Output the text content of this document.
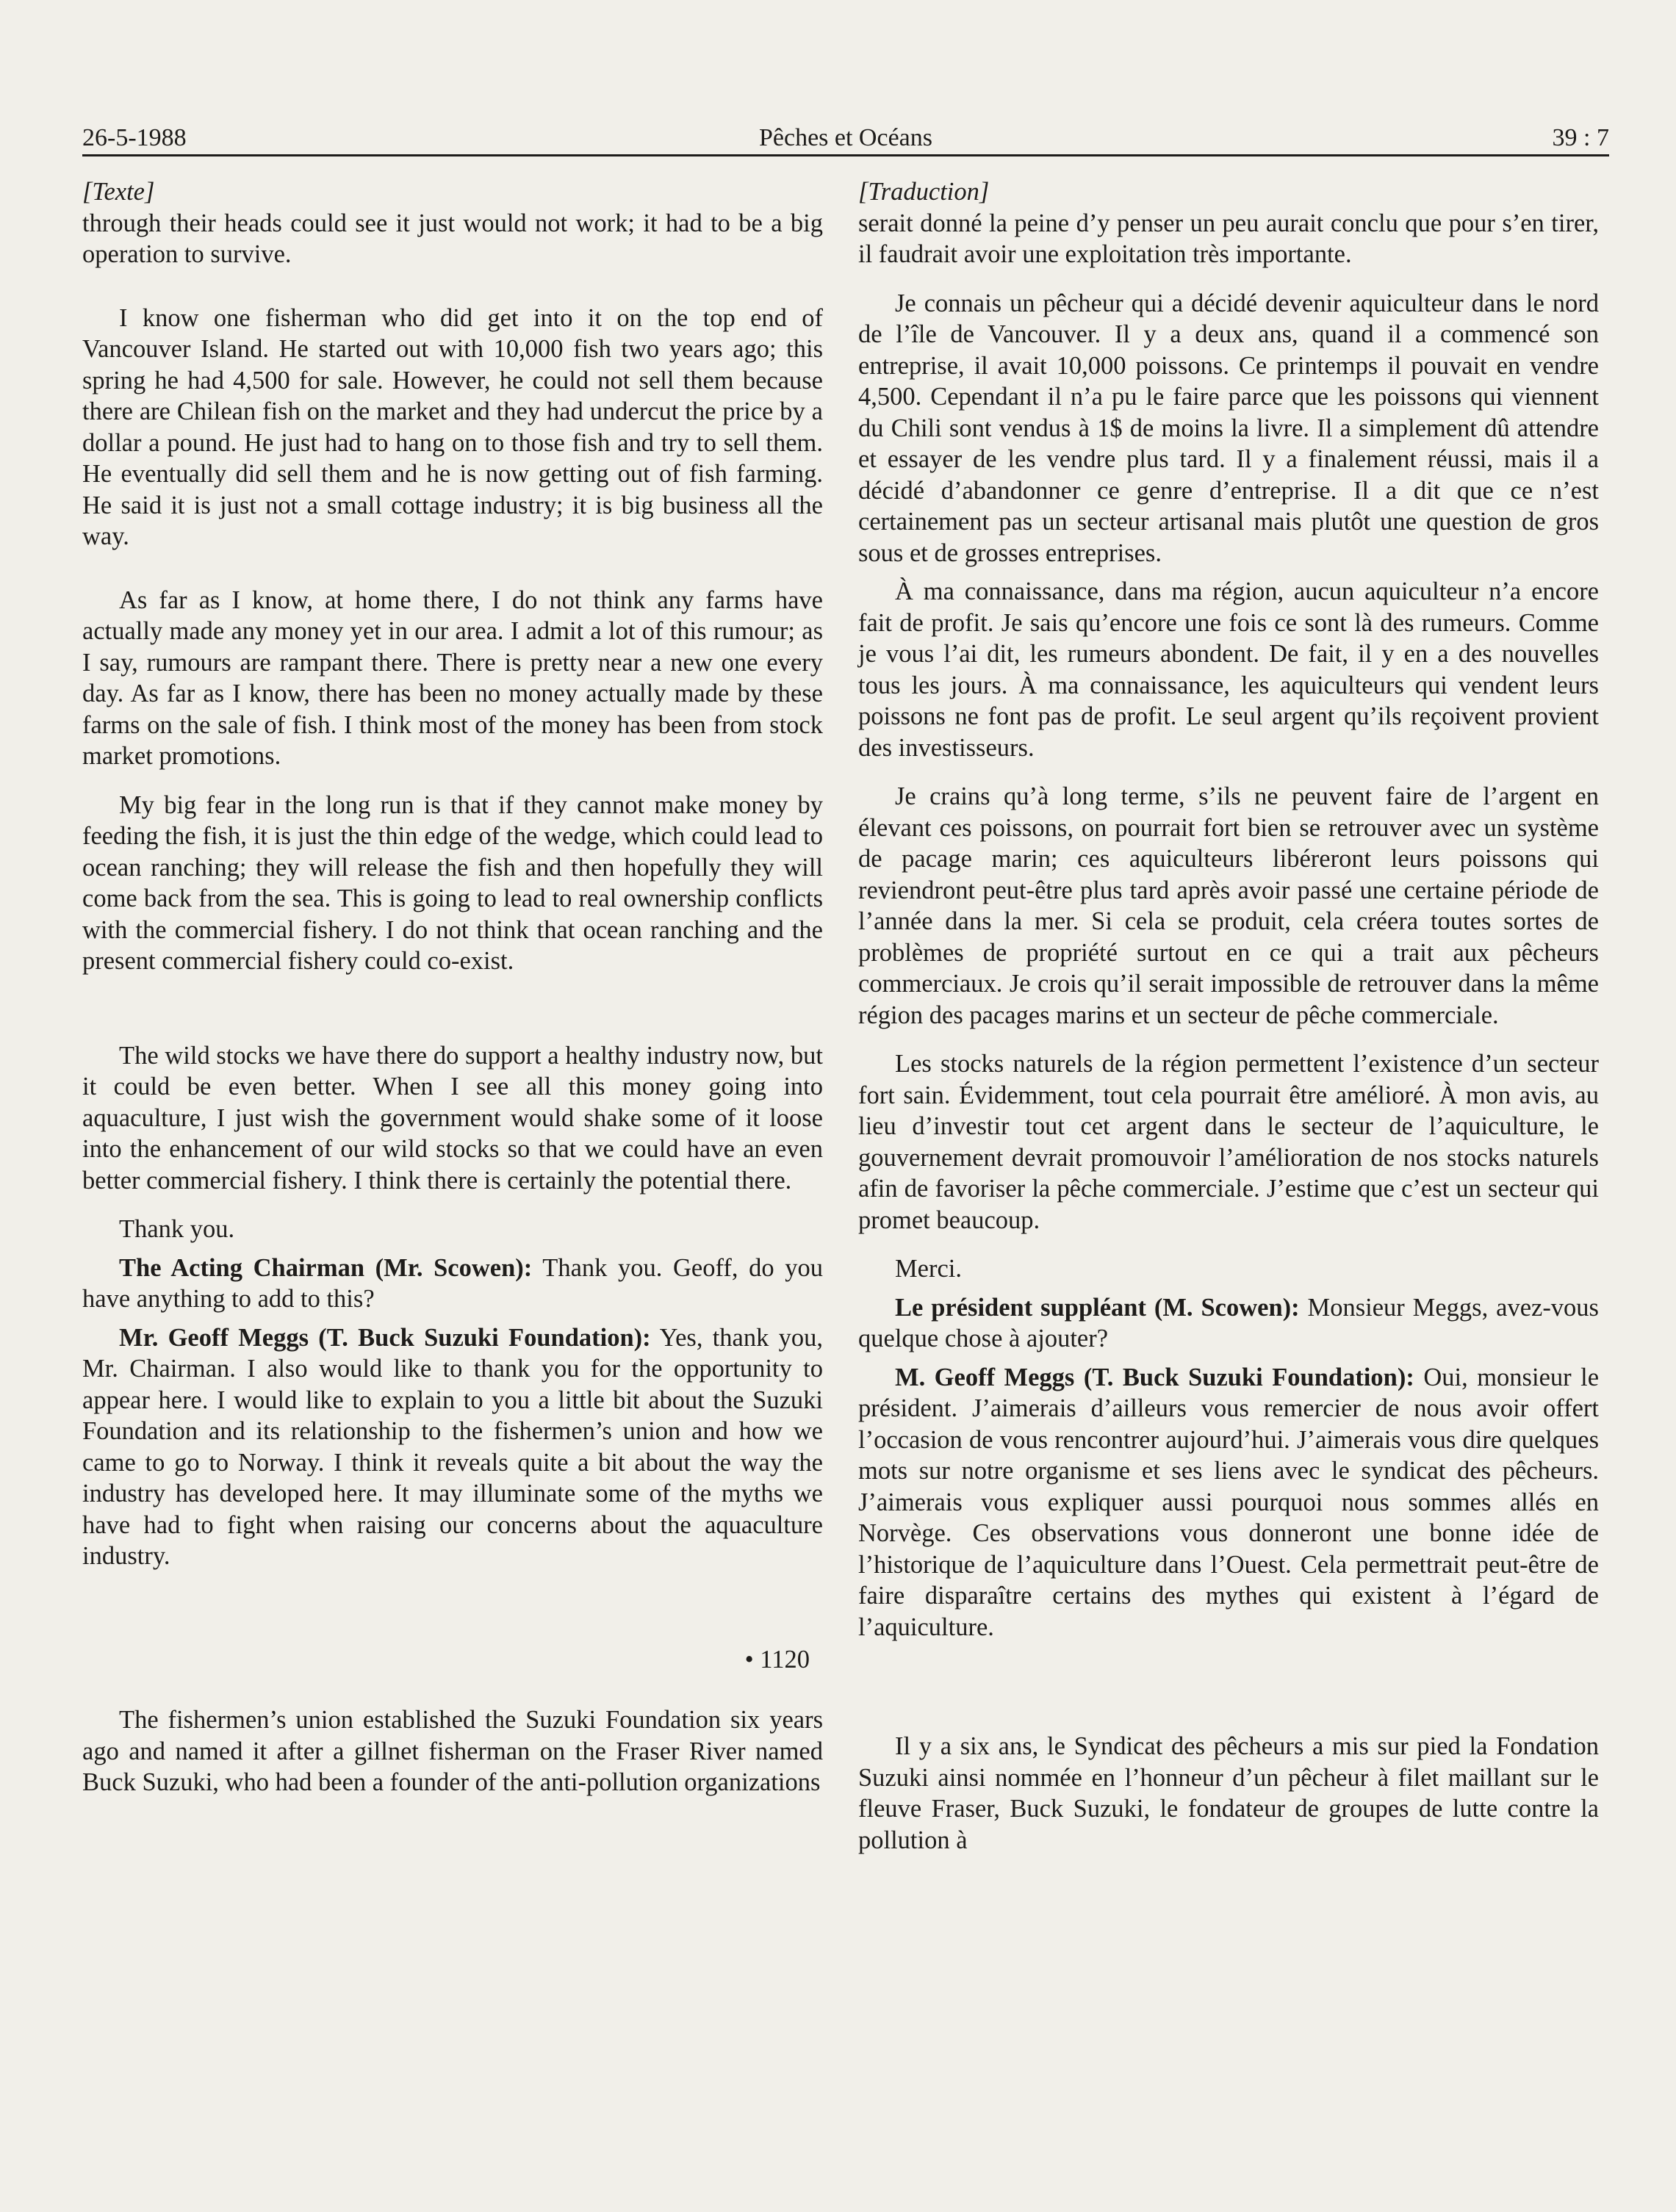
26-5-1988	Pêches et Océans	39 : 7

[Texte]

through their heads could see it just would not work; it had to be a big operation to survive.

I know one fisherman who did get into it on the top end of Vancouver Island. He started out with 10,000 fish two years ago; this spring he had 4,500 for sale. However, he could not sell them because there are Chilean fish on the market and they had undercut the price by a dollar a pound. He just had to hang on to those fish and try to sell them. He eventually did sell them and he is now getting out of fish farming. He said it is just not a small cottage industry; it is big business all the way.

As far as I know, at home there, I do not think any farms have actually made any money yet in our area. I admit a lot of this rumour; as I say, rumours are rampant there. There is pretty near a new one every day. As far as I know, there has been no money actually made by these farms on the sale of fish. I think most of the money has been from stock market promotions.

My big fear in the long run is that if they cannot make money by feeding the fish, it is just the thin edge of the wedge, which could lead to ocean ranching; they will release the fish and then hopefully they will come back from the sea. This is going to lead to real ownership conflicts with the commercial fishery. I do not think that ocean ranching and the present commercial fishery could co-exist.

The wild stocks we have there do support a healthy industry now, but it could be even better. When I see all this money going into aquaculture, I just wish the government would shake some of it loose into the enhancement of our wild stocks so that we could have an even better commercial fishery. I think there is certainly the potential there.

Thank you.

The Acting Chairman (Mr. Scowen): Thank you. Geoff, do you have anything to add to this?

Mr. Geoff Meggs (T. Buck Suzuki Foundation): Yes, thank you, Mr. Chairman. I also would like to thank you for the opportunity to appear here. I would like to explain to you a little bit about the Suzuki Foundation and its relationship to the fishermen’s union and how we came to go to Norway. I think it reveals quite a bit about the way the industry has developed here. It may illuminate some of the myths we have had to fight when raising our concerns about the aquaculture industry.

• 1120

The fishermen’s union established the Suzuki Foundation six years ago and named it after a gillnet fisherman on the Fraser River named Buck Suzuki, who had been a founder of the anti-pollution organizations

[Traduction]

serait donné la peine d’y penser un peu aurait conclu que pour s’en tirer, il faudrait avoir une exploitation très importante.

Je connais un pêcheur qui a décidé devenir aquiculteur dans le nord de l’île de Vancouver. Il y a deux ans, quand il a commencé son entreprise, il avait 10,000 poissons. Ce printemps il pouvait en vendre 4,500. Cependant il n’a pu le faire parce que les poissons qui viennent du Chili sont vendus à 1$ de moins la livre. Il a simplement dû attendre et essayer de les vendre plus tard. Il y a finalement réussi, mais il a décidé d’abandonner ce genre d’entreprise. Il a dit que ce n’est certainement pas un secteur artisanal mais plutôt une question de gros sous et de grosses entreprises.

À ma connaissance, dans ma région, aucun aquiculteur n’a encore fait de profit. Je sais qu’encore une fois ce sont là des rumeurs. Comme je vous l’ai dit, les rumeurs abondent. De fait, il y en a des nouvelles tous les jours. À ma connaissance, les aquiculteurs qui vendent leurs poissons ne font pas de profit. Le seul argent qu’ils reçoivent provient des investisseurs.

Je crains qu’à long terme, s’ils ne peuvent faire de l’argent en élevant ces poissons, on pourrait fort bien se retrouver avec un système de pacage marin; ces aquiculteurs libéreront leurs poissons qui reviendront peut-être plus tard après avoir passé une certaine période de l’année dans la mer. Si cela se produit, cela créera toutes sortes de problèmes de propriété surtout en ce qui a trait aux pêcheurs commerciaux. Je crois qu’il serait impossible de retrouver dans la même région des pacages marins et un secteur de pêche commerciale.

Les stocks naturels de la région permettent l’existence d’un secteur fort sain. Évidemment, tout cela pourrait être amélioré. À mon avis, au lieu d’investir tout cet argent dans le secteur de l’aquiculture, le gouvernement devrait promouvoir l’amélioration de nos stocks naturels afin de favoriser la pêche commerciale. J’estime que c’est un secteur qui promet beaucoup.

Merci.

Le président suppléant (M. Scowen): Monsieur Meggs, avez-vous quelque chose à ajouter?

M. Geoff Meggs (T. Buck Suzuki Foundation): Oui, monsieur le président. J’aimerais d’ailleurs vous remercier de nous avoir offert l’occasion de vous rencontrer aujourd’hui. J’aimerais vous dire quelques mots sur notre organisme et ses liens avec le syndicat des pêcheurs. J’aimerais vous expliquer aussi pourquoi nous sommes allés en Norvège. Ces observations vous donneront une bonne idée de l’historique de l’aquiculture dans l’Ouest. Cela permettrait peut-être de faire disparaître certains des mythes qui existent à l’égard de l’aquiculture.

Il y a six ans, le Syndicat des pêcheurs a mis sur pied la Fondation Suzuki ainsi nommée en l’honneur d’un pêcheur à filet maillant sur le fleuve Fraser, Buck Suzuki, le fondateur de groupes de lutte contre la pollution à
